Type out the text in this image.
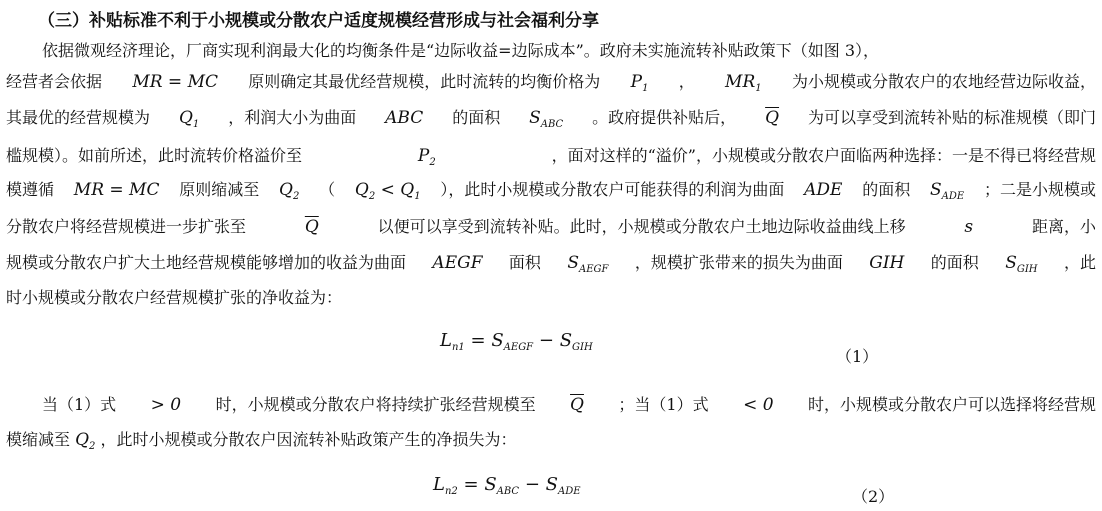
（三）补贴标准不利于小规模或分散农户适度规模经营形成与社会福利分享
依据微观经济理论，厂商实现利润最大化的均衡条件是“边际收益=边际成本”。政府未实施流转补贴政策下（如图 3），
经营者会依据 MR = MC 原则确定其最优经营规模，此时流转的均衡价格为 $P_1$ ， $MR_1$ 为小规模或分散农户的农地经营边际收益，
其最优的经营规模为 $Q_1$ ，利润大小为曲面 ABC 的面积 $S_{ABC}$ 。政府提供补贴后， $\overline{Q}$ 为可以享受到流转补贴的标准规模（即门
槛规模）。如前所述，此时流转价格溢价至	$P_2$	，面对这样的“溢价”，小规模或分散农户面临两种选择：一是不得已将经营规
模遵循 MR = MC 原则缩减至 $Q_2$ （ $Q_2 < Q_1$ ），此时小规模或分散农户可能获得的利润为曲面 ADE 的面积 $S_{ADE}$ ；二是小规模或
分散农户将经营规模进一步扩张至	$\overline{Q}$	以便可以享受到流转补贴。此时，小规模或分散农户土地边际收益曲线上移	s	距离，小
规模或分散农户扩大土地经营规模能够增加的收益为曲面 AEGF 面积 $S_{AEGF}$ ，规模扩张带来的损失为曲面 GIH 的面积 $S_{GIH}$ ，此
时小规模或分散农户经营规模扩张的净收益为：
$L_{n1} = S_{AEGF} - S_{GIH}$	（1）
当（1）式 > 0 时，小规模或分散农户将持续扩张经营规模至 $\overline{Q}$ ；当（1）式 < 0 时，小规模或分散农户可以选择将经营规
模缩减至 $Q_2$ ，此时小规模或分散农户因流转补贴政策产生的净损失为：
$L_{n2} = S_{ABC} - S_{ADE}$	（2）
